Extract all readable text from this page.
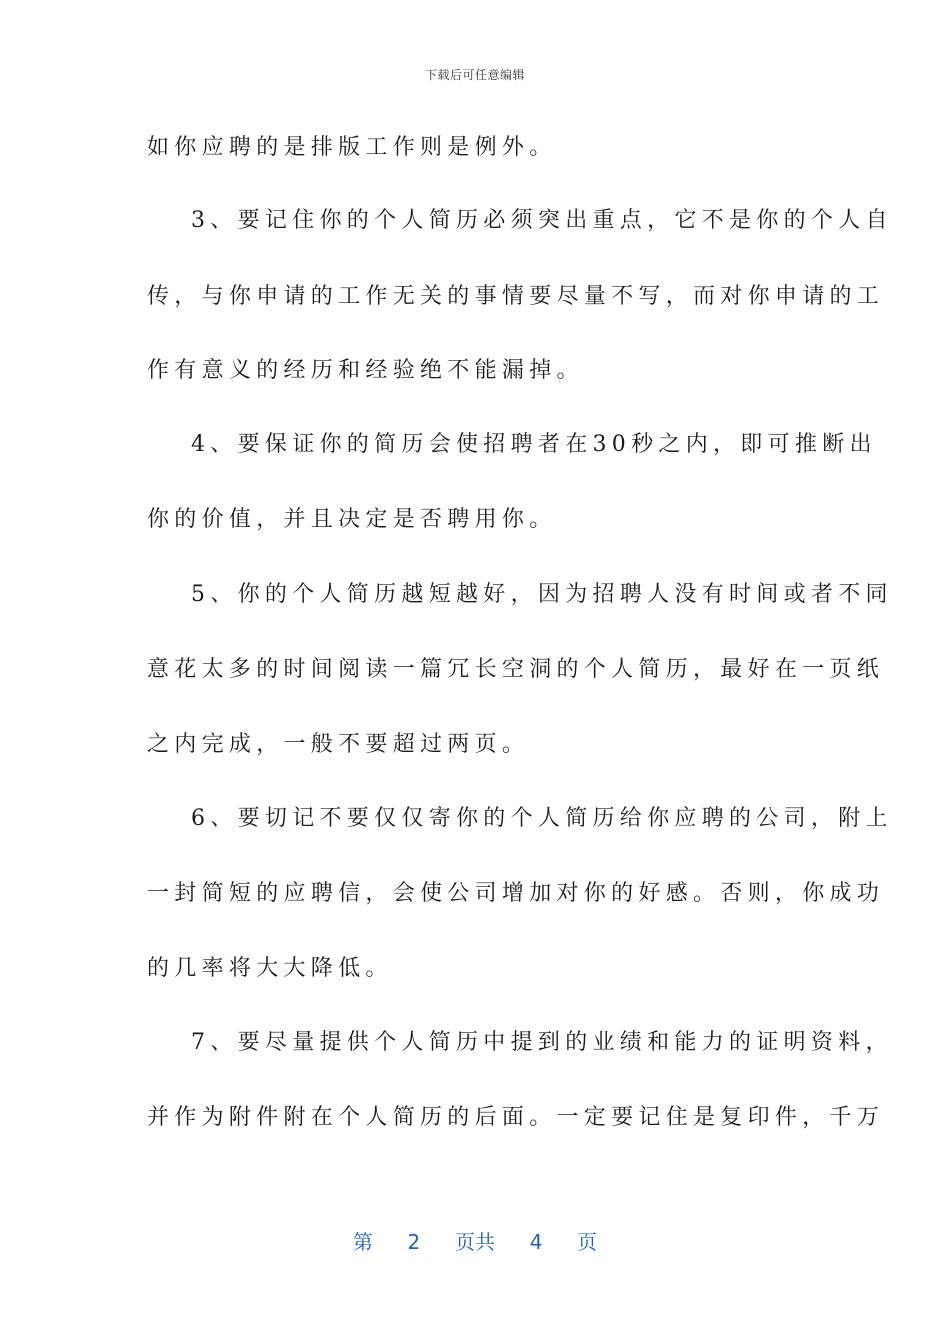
下载后可任意编辑
如你应聘的是排版工作则是例外。
3、要记住你的个人简历必须突出重点，它不是你的个人自
传，与你申请的工作无关的事情要尽量不写，而对你申请的工
作有意义的经历和经验绝不能漏掉。
4、要保证你的简历会使招聘者在30秒之内，即可推断出
你的价值，并且决定是否聘用你。
5、你的个人简历越短越好，因为招聘人没有时间或者不同
意花太多的时间阅读一篇冗长空洞的个人简历，最好在一页纸
之内完成，一般不要超过两页。
6、要切记不要仅仅寄你的个人简历给你应聘的公司，附上
一封简短的应聘信，会使公司增加对你的好感。否则，你成功
的几率将大大降低。
7、要尽量提供个人简历中提到的业绩和能力的证明资料，
并作为附件附在个人简历的后面。一定要记住是复印件，千万
第 2 页共 4 页
